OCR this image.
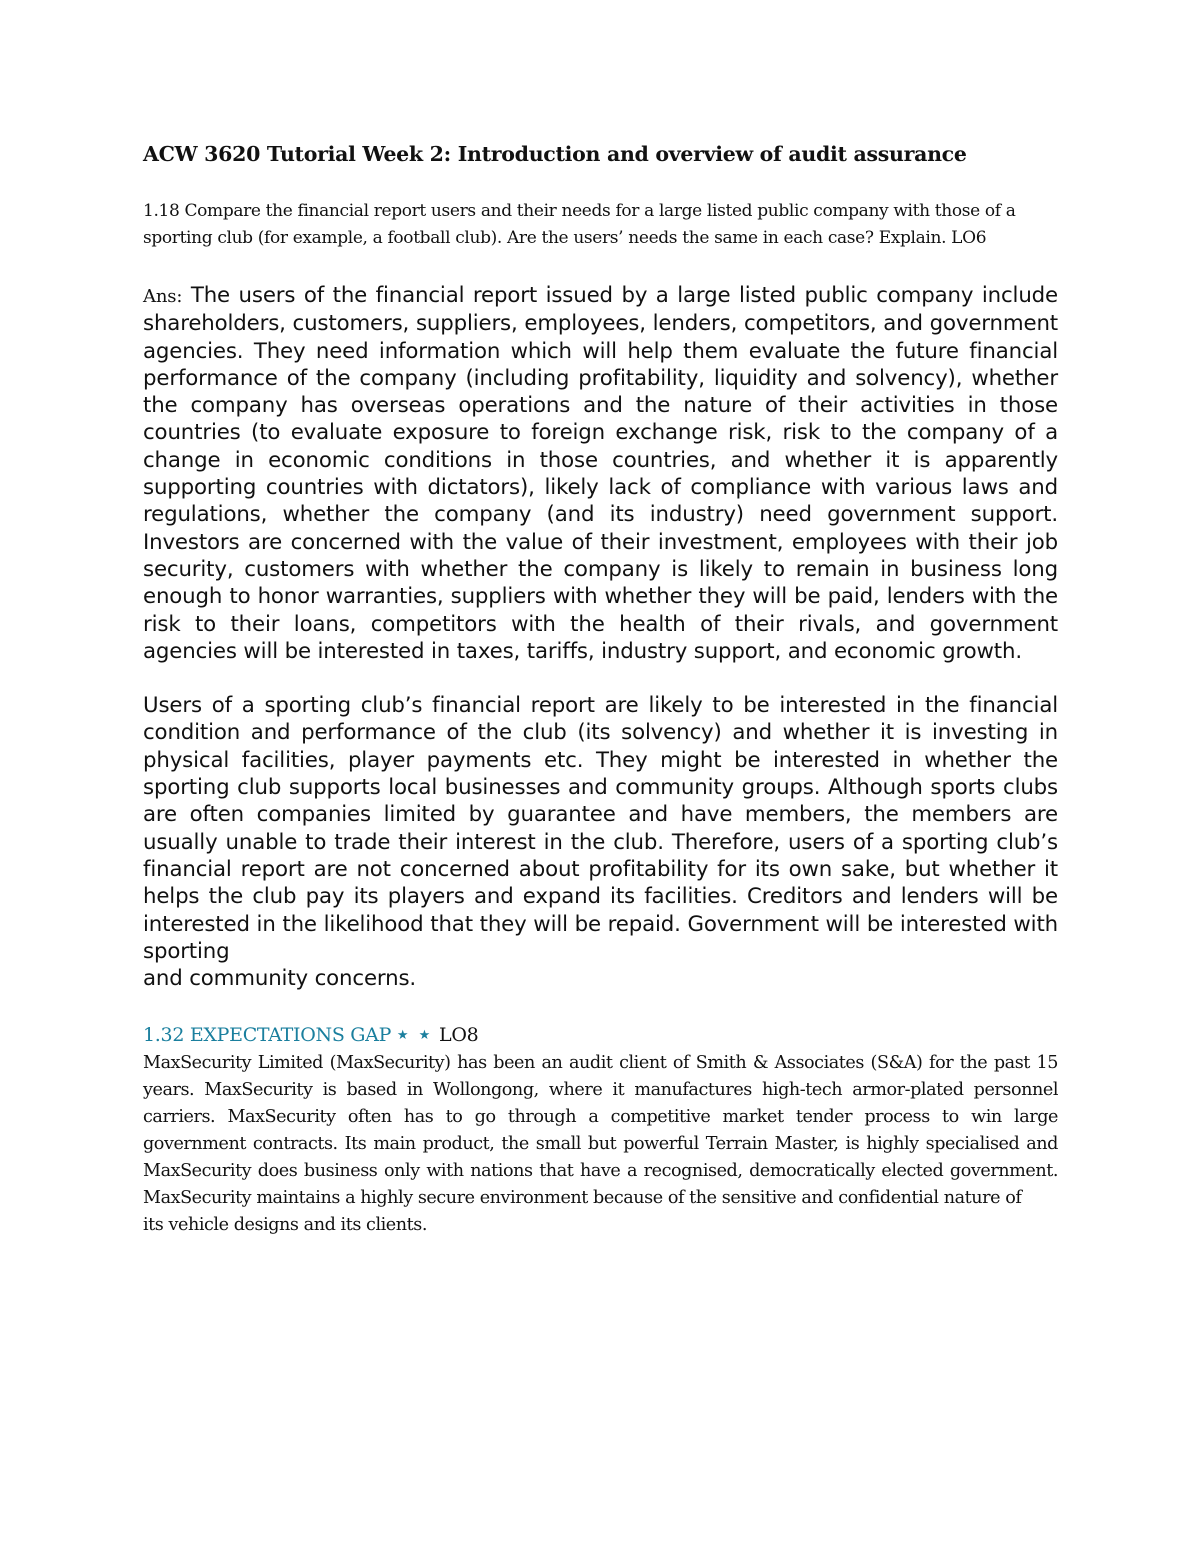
ACW 3620 Tutorial Week 2: Introduction and overview of audit assurance

1.18 Compare the financial report users and their needs for a large listed public company with those of a sporting club (for example, a football club). Are the users’ needs the same in each case? Explain. LO6

Ans: The users of the financial report issued by a large listed public company include shareholders, customers, suppliers, employees, lenders, competitors, and government agencies. They need information which will help them evaluate the future financial performance of the company (including profitability, liquidity and solvency), whether the company has overseas operations and the nature of their activities in those countries (to evaluate exposure to foreign exchange risk, risk to the company of a change in economic conditions in those countries, and whether it is apparently supporting countries with dictators), likely lack of compliance with various laws and regulations, whether the company (and its industry) need government support. Investors are concerned with the value of their investment, employees with their job security, customers with whether the company is likely to remain in business long enough to honor warranties, suppliers with whether they will be paid, lenders with the risk to their loans, competitors with the health of their rivals, and government agencies will be interested in taxes, tariffs, industry support, and economic growth.
Users of a sporting club’s financial report are likely to be interested in the financial condition and performance of the club (its solvency) and whether it is investing in physical facilities, player payments etc. They might be interested in whether the sporting club supports local businesses and community groups. Although sports clubs are often companies limited by guarantee and have members, the members are usually unable to trade their interest in the club. Therefore, users of a sporting club’s financial report are not concerned about profitability for its own sake, but whether it helps the club pay its players and expand its facilities. Creditors and lenders will be interested in the likelihood that they will be repaid. Government will be interested with sporting
and community concerns.
1.32 EXPECTATIONS GAP ★ ★ LO8
MaxSecurity Limited (MaxSecurity) has been an audit client of Smith & Associates (S&A) for the past 15 years. MaxSecurity is based in Wollongong, where it manufactures high-tech armor-plated personnel carriers. MaxSecurity often has to go through a competitive market tender process to win large government contracts. Its main product, the small but powerful Terrain Master, is highly specialised and MaxSecurity does business only with nations that have a recognised, democratically elected government. MaxSecurity maintains a highly secure environment because of the sensitive and confidential nature of
its vehicle designs and its clients.
